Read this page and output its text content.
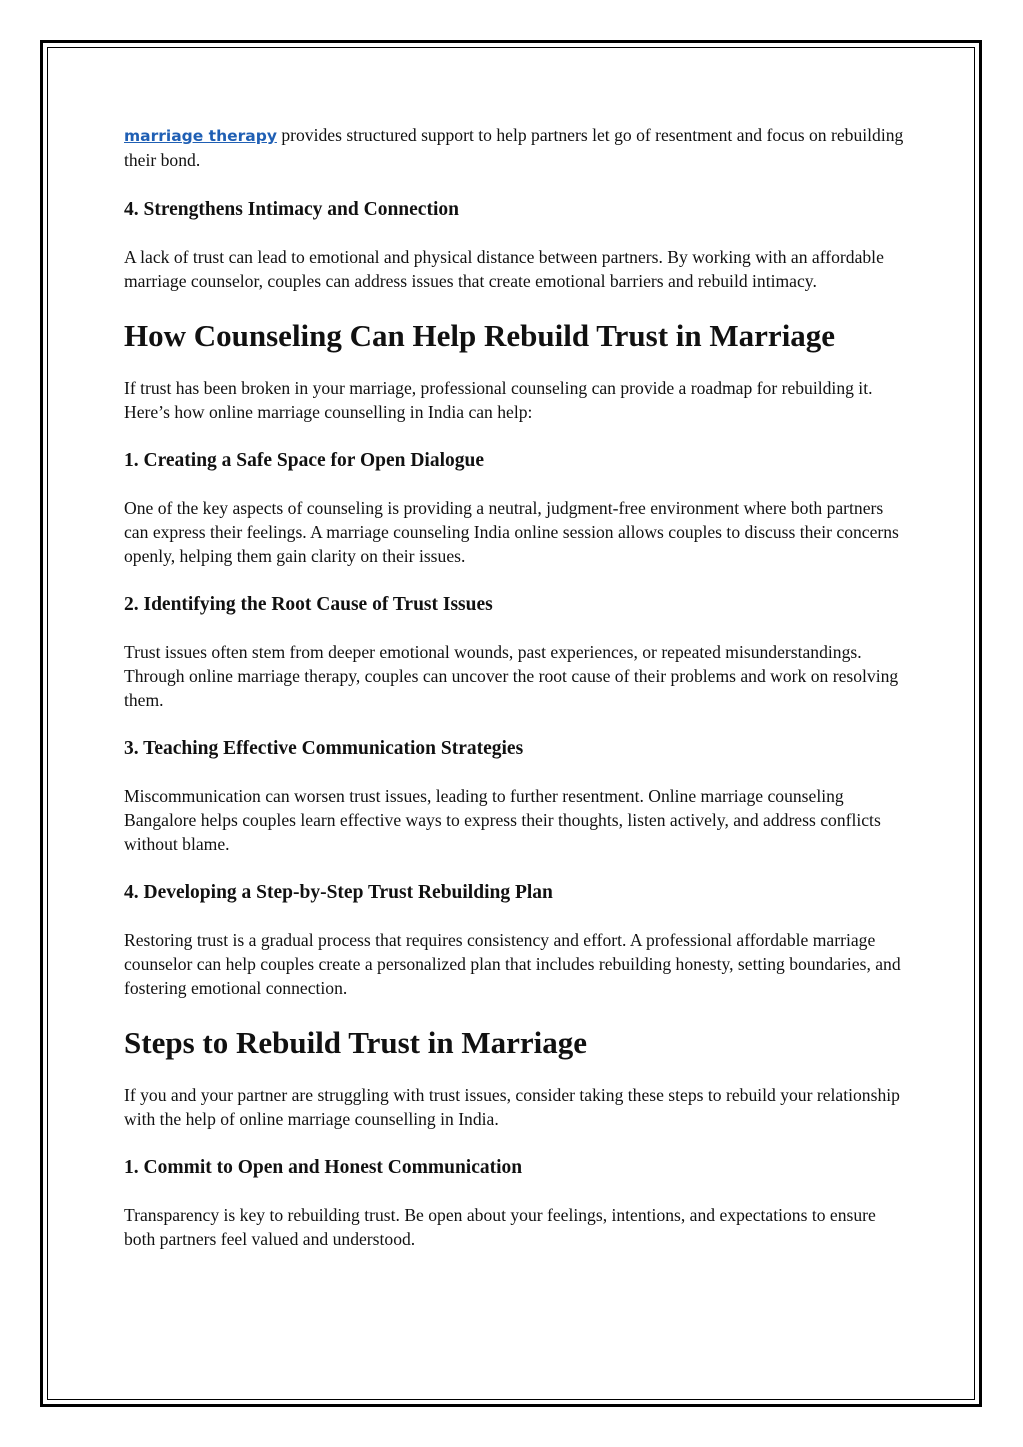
marriage therapy provides structured support to help partners let go of resentment and focus on rebuilding their bond.

4. Strengthens Intimacy and Connection

A lack of trust can lead to emotional and physical distance between partners. By working with an affordable marriage counselor, couples can address issues that create emotional barriers and rebuild intimacy.

How Counseling Can Help Rebuild Trust in Marriage

If trust has been broken in your marriage, professional counseling can provide a roadmap for rebuilding it. Here’s how online marriage counselling in India can help:

1. Creating a Safe Space for Open Dialogue

One of the key aspects of counseling is providing a neutral, judgment-free environment where both partners can express their feelings. A marriage counseling India online session allows couples to discuss their concerns openly, helping them gain clarity on their issues.

2. Identifying the Root Cause of Trust Issues

Trust issues often stem from deeper emotional wounds, past experiences, or repeated misunderstandings. Through online marriage therapy, couples can uncover the root cause of their problems and work on resolving them.

3. Teaching Effective Communication Strategies

Miscommunication can worsen trust issues, leading to further resentment. Online marriage counseling Bangalore helps couples learn effective ways to express their thoughts, listen actively, and address conflicts without blame.

4. Developing a Step-by-Step Trust Rebuilding Plan

Restoring trust is a gradual process that requires consistency and effort. A professional affordable marriage counselor can help couples create a personalized plan that includes rebuilding honesty, setting boundaries, and fostering emotional connection.

Steps to Rebuild Trust in Marriage

If you and your partner are struggling with trust issues, consider taking these steps to rebuild your relationship with the help of online marriage counselling in India.

1. Commit to Open and Honest Communication

Transparency is key to rebuilding trust. Be open about your feelings, intentions, and expectations to ensure both partners feel valued and understood.
